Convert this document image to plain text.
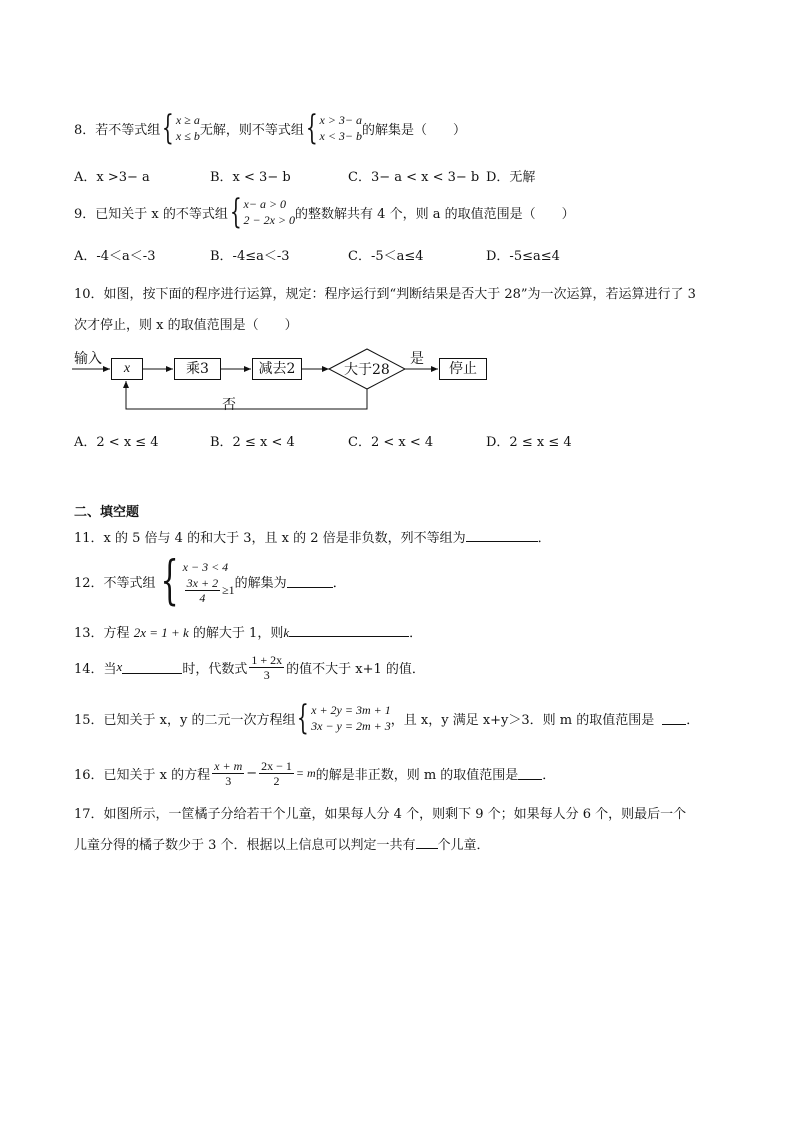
8．若不等式组 { x ≥ a
x ≤ b 无解，则不等式组 { x > 3− a
x < 3− b 的解集是（　　）
A．x >3− a	B．x < 3− b	C．3− a < x < 3− b D．无解
9．已知关于 x 的不等式组 { x− a > 0
2 − 2x > 0 的整数解共有 4 个，则 a 的取值范围是（　　）
A．-4＜a＜-3	B．-4≤a＜-3	C．-5＜a≤4	D．-5≤a≤4
10．如图，按下面的程序进行运算，规定：程序运行到“判断结果是否大于 28”为一次运算，若运算进行了 3
次才停止，则 x 的取值范围是（　　）
输入
x	乘3	减去2	大于28
是
停止
否
A．2 < x ≤ 4	B．2 ≤ x < 4	C．2 < x < 4	D．2 ≤ x ≤ 4
二、填空题
11．x 的 5 倍与 4 的和大于 3，且 x 的 2 倍是非负数，列不等组为	．
12．不等式组 { x − 3 < 4
$\frac{3x + 2}{4} \ge 1$ 的解集为	．
13．方程 2x = 1 + k 的解大于 1，则k	．
14．当 x	时，代数式 $\frac{1 + 2x}{3}$ 的值不大于 x+1 的值．
15．已知关于 x，y 的二元一次方程组 { x + 2y = 3m + 1
3x − y = 2m + 3 ，且 x，y 满足 x+y＞3．则 m 的取值范围是 ．
16．已知关于 x 的方程 $\frac{x + m}{3} - \frac{2x - 1}{2} = m$ 的解是非正数，则 m 的取值范围是 ．
17．如图所示，一筐橘子分给若干个儿童，如果每人分 4 个，则剩下 9 个；如果每人分 6 个，则最后一个
儿童分得的橘子数少于 3 个．根据以上信息可以判定一共有 个儿童．
